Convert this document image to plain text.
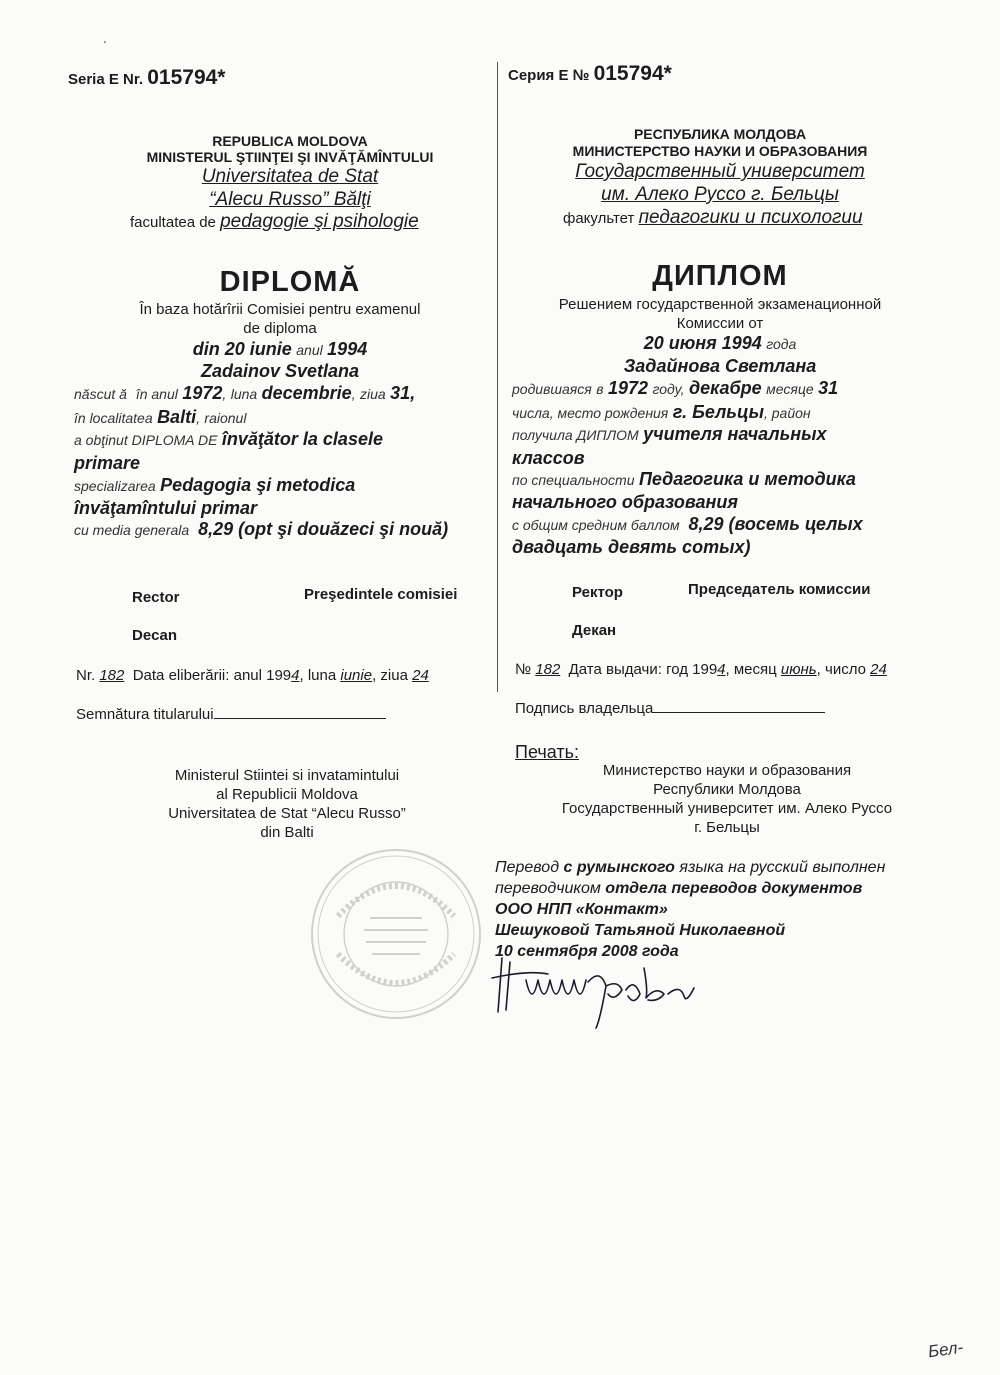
'
Seria E Nr. 015794*
REPUBLICA MOLDOVA
MINISTERUL ŞTIINŢEI ŞI INVĂŢĂMÎNTULUI
Universitatea de Stat
“Alecu Russo” Bălţi
facultatea de pedagogie şi psihologie
DIPLOMĂ
În baza hotărîrii Comisiei pentru examenul
de diploma
din 20 iunie anul 1994
Zadainov Svetlana
născut ă în anul 1972, luna decembrie, ziua 31,
în localitatea Balti, raionul
a obţinut DIPLOMA DE învăţător la clasele
primare
specializarea Pedagogia şi metodica
învăţamîntului primar
cu media generala 8,29 (opt şi douăzeci şi nouă)
Rector	Preşedintele comisiei
Decan
Nr. 182 Data eliberării: anul 1994, luna iunie, ziua 24
Semnătura titularului
Ministerul Stiintei si invatamintului
al Republicii Moldova
Universitatea de Stat “Alecu Russo”
din Balti
Серия E № 015794*
РЕСПУБЛИКА МОЛДОВА
МИНИСТЕРСТВО НАУКИ И ОБРАЗОВАНИЯ
Государственный университет
им. Алеко Руссо г. Бельцы
факультет педагогики и психологии
ДИПЛОМ
Решением государственной экзаменационной
Комиссии от
20 июня 1994 года
Задайнова Светлана
родившаяся в 1972 году, декабре месяце 31
числа, место рождения г. Бельцы, район
получила ДИПЛОМ учителя начальных
классов
по специальности Педагогика и методика
начального образования
с общим средним баллом 8,29 (восемь целых
двадцать девять сотых)
Ректор	Председатель комиссии
Декан
№ 182 Дата выдачи: год 1994, месяц июнь, число 24
Подпись владельца
Печать:
Министерство науки и образования
Республики Молдова
Государственный университет им. Алеко Руссо
г. Бельцы
Перевод с румынского языка на русский выполнен
переводчиком отдела переводов документов
ООО НПП «Контакт»
Шешуковой Татьяной Николаевной
10 сентября 2008 года
Бел-
